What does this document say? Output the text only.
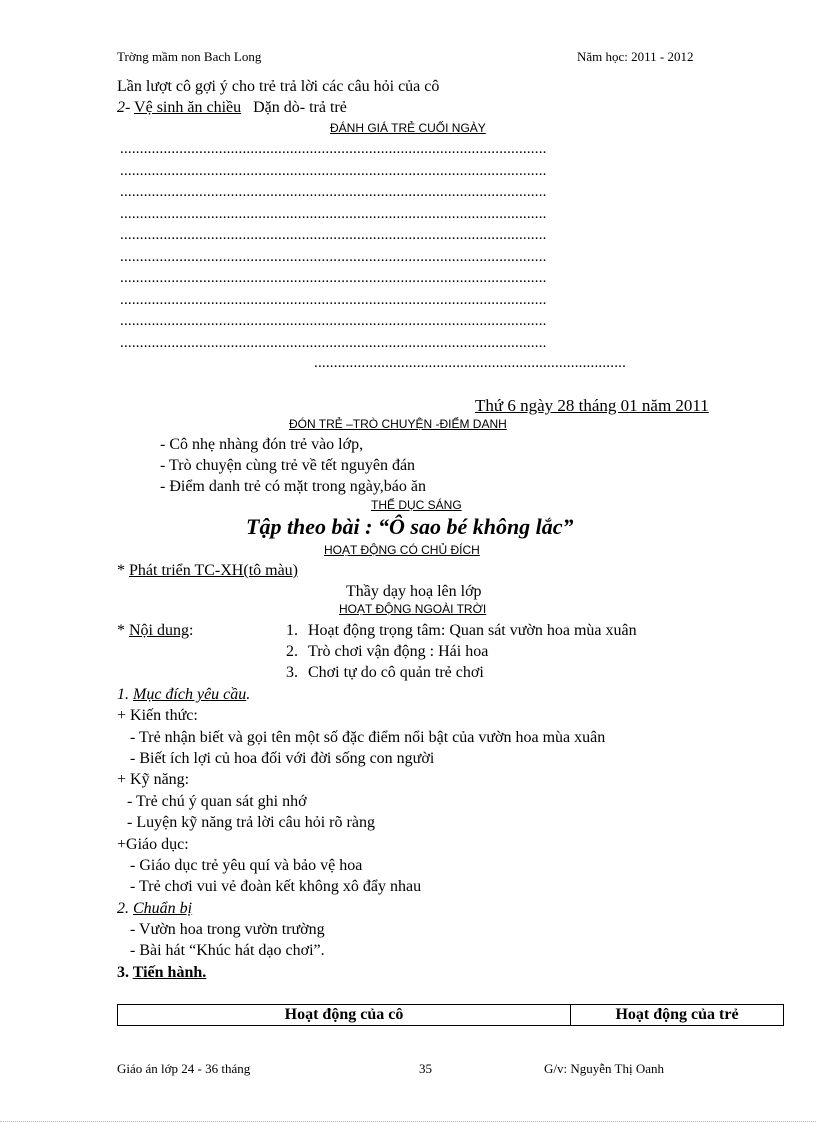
Trờng mầm non Bach Long	Năm học: 2011 - 2012
Lần lượt cô gợi ý cho trẻ trả lời các câu hỏi của cô
2- Vệ sinh ăn chiều Dặn dò- trả trẻ
ĐÁNH GIÁ TRẺ CUỐI NGÀY
............................................................................................................
............................................................................................................
............................................................................................................
............................................................................................................
............................................................................................................
............................................................................................................
............................................................................................................
............................................................................................................
............................................................................................................
............................................................................................................
...............................................................................
Thứ 6 ngày 28 tháng 01 năm 2011
ĐÓN TRẺ –TRÒ CHUYỆN -ĐIỂM DANH
- Cô nhẹ nhàng đón trẻ vào lớp,
- Trò chuyện cùng trẻ về tết nguyên đán
- Điểm danh trẻ có mặt trong ngày,báo ăn
THỂ DỤC SÁNG
Tập theo bài : “Ô sao bé không lắc”
HOẠT ĐỘNG CÓ CHỦ ĐÍCH
* Phát triển TC-XH(tô màu)
Thầy dạy hoạ lên lớp
HOẠT ĐỘNG NGOÀI TRỜI
* Nội dung:	1. Hoạt động trọng tâm: Quan sát vườn hoa mùa xuân
2. Trò chơi vận động : Hái hoa
3. Chơi tự do cô quản trẻ chơi
1. Mục đích yêu cầu.
+ Kiến thức:
- Trẻ nhận biết và gọi tên một số đặc điểm nổi bật của vườn hoa mùa xuân
- Biết ích lợi củ hoa đối với đời sống con người
+ Kỹ năng:
- Trẻ chú ý quan sát ghi nhớ
- Luyện kỹ năng trả lời câu hỏi rõ ràng
+Giáo dục:
- Giáo dục trẻ yêu quí và bảo vệ hoa
- Trẻ chơi vui vẻ đoàn kết không xô đẩy nhau
2. Chuẩn bị
- Vườn hoa trong vườn trường
- Bài hát “Khúc hát dạo chơi”.
3. Tiến hành.
Hoạt động của cô	Hoạt động của trẻ
Giáo án lớp 24 - 36 tháng	35	G/v: Nguyễn Thị Oanh
